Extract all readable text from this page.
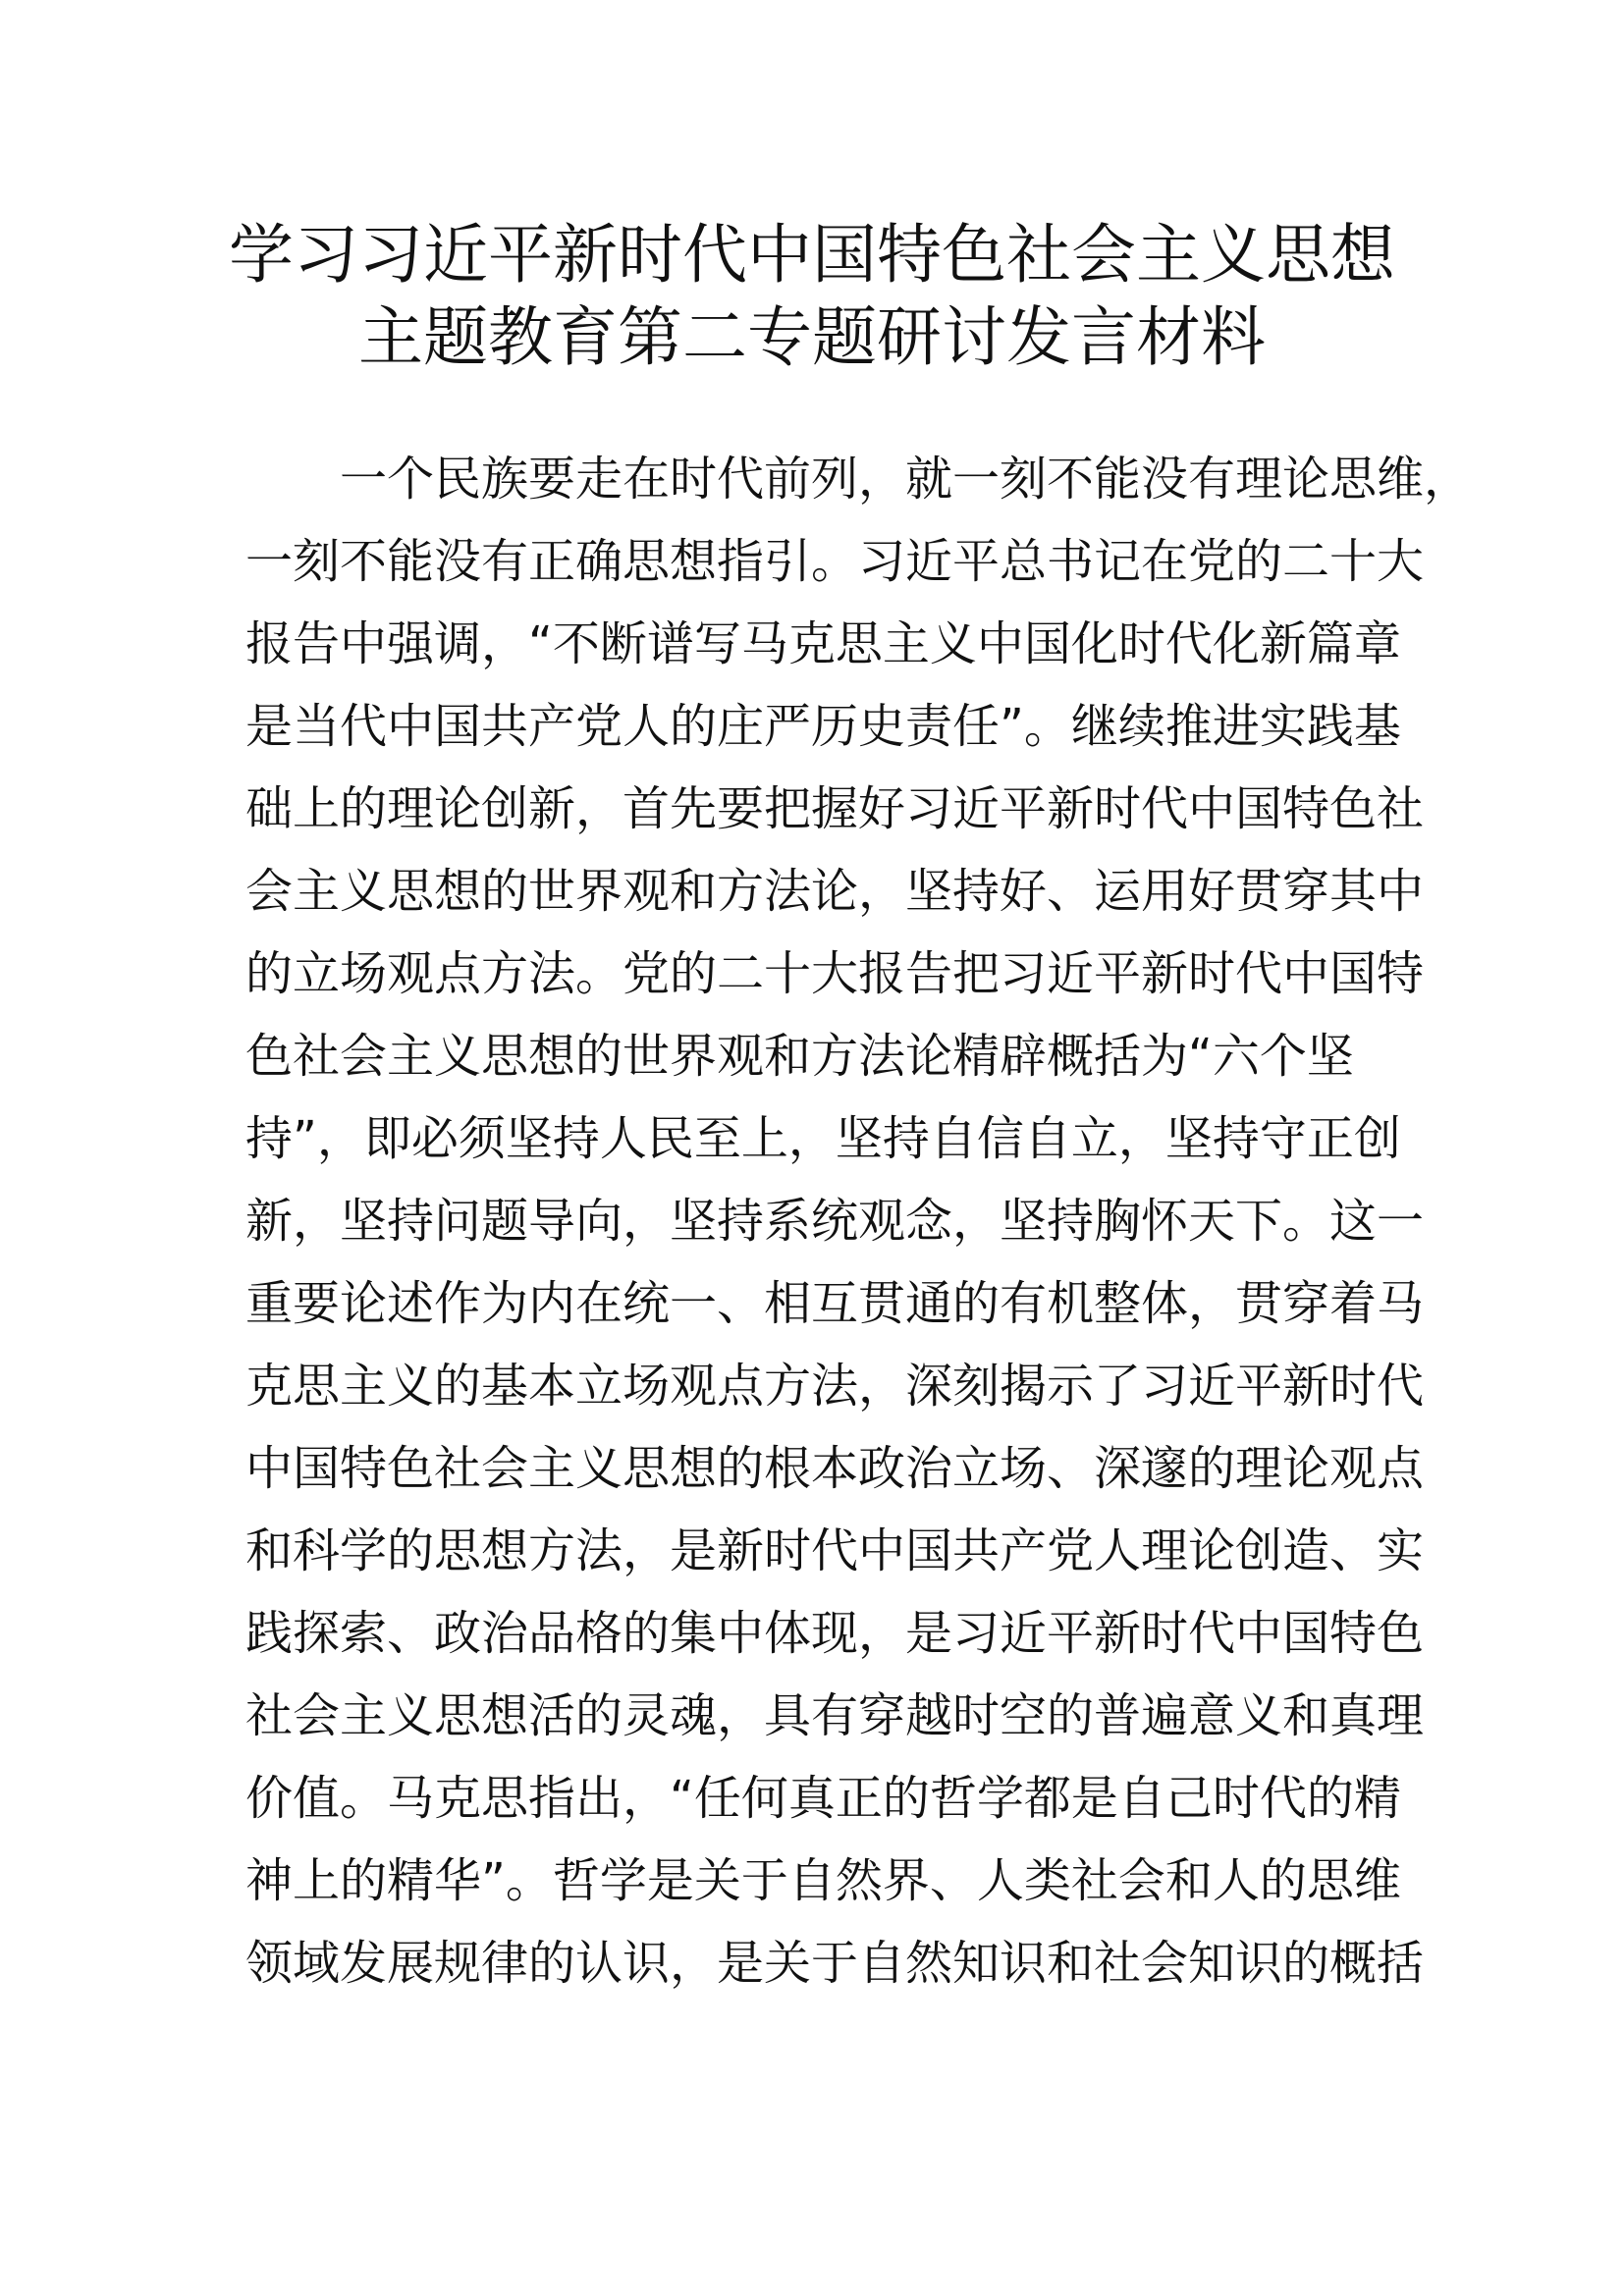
学习习近平新时代中国特色社会主义思想
主题教育第二专题研讨发言材料
　　一个民族要走在时代前列，就一刻不能没有理论思维，
一刻不能没有正确思想指引。习近平总书记在党的二十大
报告中强调，“不断谱写马克思主义中国化时代化新篇章
是当代中国共产党人的庄严历史责任”。继续推进实践基
础上的理论创新，首先要把握好习近平新时代中国特色社
会主义思想的世界观和方法论，坚持好、运用好贯穿其中
的立场观点方法。党的二十大报告把习近平新时代中国特
色社会主义思想的世界观和方法论精辟概括为“六个坚
持”，即必须坚持人民至上，坚持自信自立，坚持守正创
新，坚持问题导向，坚持系统观念，坚持胸怀天下。这一
重要论述作为内在统一、相互贯通的有机整体，贯穿着马
克思主义的基本立场观点方法，深刻揭示了习近平新时代
中国特色社会主义思想的根本政治立场、深邃的理论观点
和科学的思想方法，是新时代中国共产党人理论创造、实
践探索、政治品格的集中体现，是习近平新时代中国特色
社会主义思想活的灵魂，具有穿越时空的普遍意义和真理
价值。马克思指出，“任何真正的哲学都是自己时代的精
神上的精华”。哲学是关于自然界、人类社会和人的思维
领域发展规律的认识，是关于自然知识和社会知识的概括
